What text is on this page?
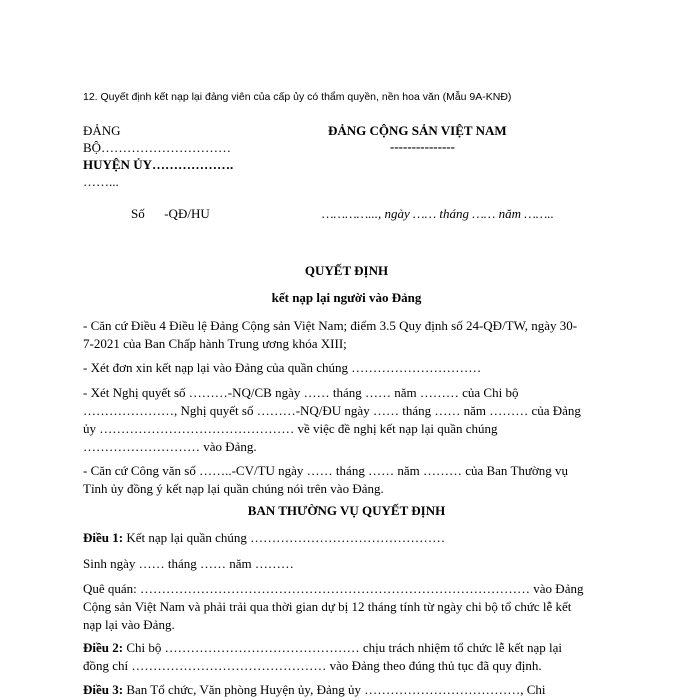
12. Quyết định kết nạp lại đảng viên của cấp ủy có thẩm quyền, nền hoa văn (Mẫu 9A-KNĐ)
ĐẢNG
BỘ…………………………
HUYỆN ỦY……………….
……...
ĐẢNG CỘNG SẢN VIỆT NAM
---------------
Số      -QĐ/HU	…………..., ngày …… tháng …… năm ……..
QUYẾT ĐỊNH
kết nạp lại người vào Đảng
- Căn cứ Điều 4 Điều lệ Đảng Cộng sản Việt Nam; điểm 3.5 Quy định số 24-QĐ/TW, ngày 30-
7-2021 của Ban Chấp hành Trung ương khóa XIII;
- Xét đơn xin kết nạp lại vào Đảng của quần chúng …………………………
- Xét Nghị quyết số ………-NQ/CB ngày …… tháng …… năm ……… của Chi bộ
…………………, Nghị quyết số ………-NQ/ĐU ngày …… tháng …… năm ……… của Đảng
ủy ……………………………………… về việc đề nghị kết nạp lại quần chúng
……………………… vào Đảng.
- Căn cứ Công văn số ……..-CV/TU ngày …… tháng …… năm ……… của Ban Thường vụ
Tỉnh ủy đồng ý kết nạp lại quần chúng nói trên vào Đảng.
BAN THƯỜNG VỤ QUYẾT ĐỊNH
Điều 1: Kết nạp lại quần chúng ………………………………………
Sinh ngày …… tháng …… năm ………
Quê quán: ……………………………………………………………………………… vào Đảng
Cộng sản Việt Nam và phải trải qua thời gian dự bị 12 tháng tính từ ngày chi bộ tổ chức lễ kết
nạp lại vào Đảng.
Điều 2: Chi bộ ……………………………………… chịu trách nhiệm tổ chức lễ kết nạp lại
đồng chí ……………………………………… vào Đảng theo đúng thủ tục đã quy định.
Điều 3: Ban Tổ chức, Văn phòng Huyện ủy, Đảng ủy ………………………………, Chi
